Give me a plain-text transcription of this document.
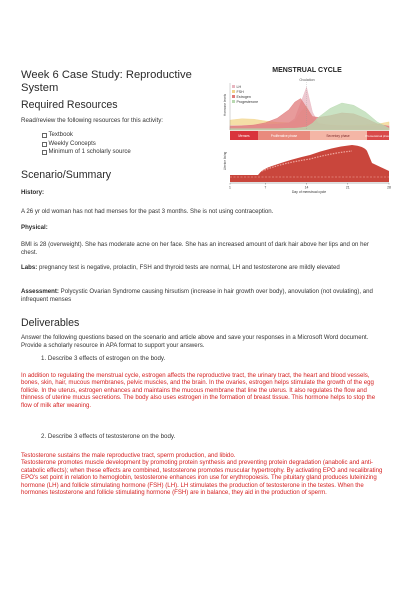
Week 6 Case Study: Reproductive System
Required Resources
Read/review the following resources for this activity:
Textbook
Weekly Concepts
Minimum of 1 scholarly source
Scenario/Summary
History:
A 26 yr old woman has not had menses for the past 3 months. She is not using contraception.
Physical:
BMI is 28 (overweight). She has moderate acne on her face. She has an increased amount of dark hair above her lips and on her chest.
Labs: pregnancy test is negative, prolactin, FSH and thyroid tests are normal, LH and testosterone are mildly elevated
Assessment: Polycystic Ovarian Syndrome causing hirsutism (increase in hair growth over body), anovulation (not ovulating), and infrequent menses
Deliverables
Answer the following questions based on the scenario and article above and save your responses in a Microsoft Word document. Provide a scholarly resource in APA format to support your answers.
1. Describe 3 effects of estrogen on the body.
In addition to regulating the menstrual cycle, estrogen affects the reproductive tract, the urinary tract, the heart and blood vessels, bones, skin, hair, mucous membranes, pelvic muscles, and the brain. In the ovaries, estrogen helps stimulate the growth of the egg follicle. In the uterus, estrogen enhances and maintains the mucous membrane that line the uterus. It also regulates the flow and thinness of uterine mucus secretions. The body also uses estrogen in the formation of breast tissue. This hormone helps to stop the flow of milk after weaning.
2. Describe 3 effects of testosterone on the body.
Testosterone sustains the male reproductive tract, sperm production, and libido.
Testosterone promotes muscle development by promoting protein synthesis and preventing protein degradation (anabolic and anti-catabolic effects); when these effects are combined, testosterone promotes muscular hypertrophy. By activating EPO and recalibrating EPO's set point in relation to hemoglobin, testosterone enhances iron use for erythropoiesis. The pituitary gland produces luteinizing hormone (LH) and follicle stimulating hormone (FSH) (LH). LH stimulates the production of testosterone in the testes. When the hormones testosterone and follicle stimulating hormone (FSH) are in balance, they aid in the production of sperm.
MENSTRUAL CYCLE
Ovulation
Hormone levels
Uterine lining
LH
FSH
Estrogen
Progesterone
Menses	Proliferative phase	Secretory phase	Premenstrual phase
1	7	14	21	28
Day of menstrual cycle
